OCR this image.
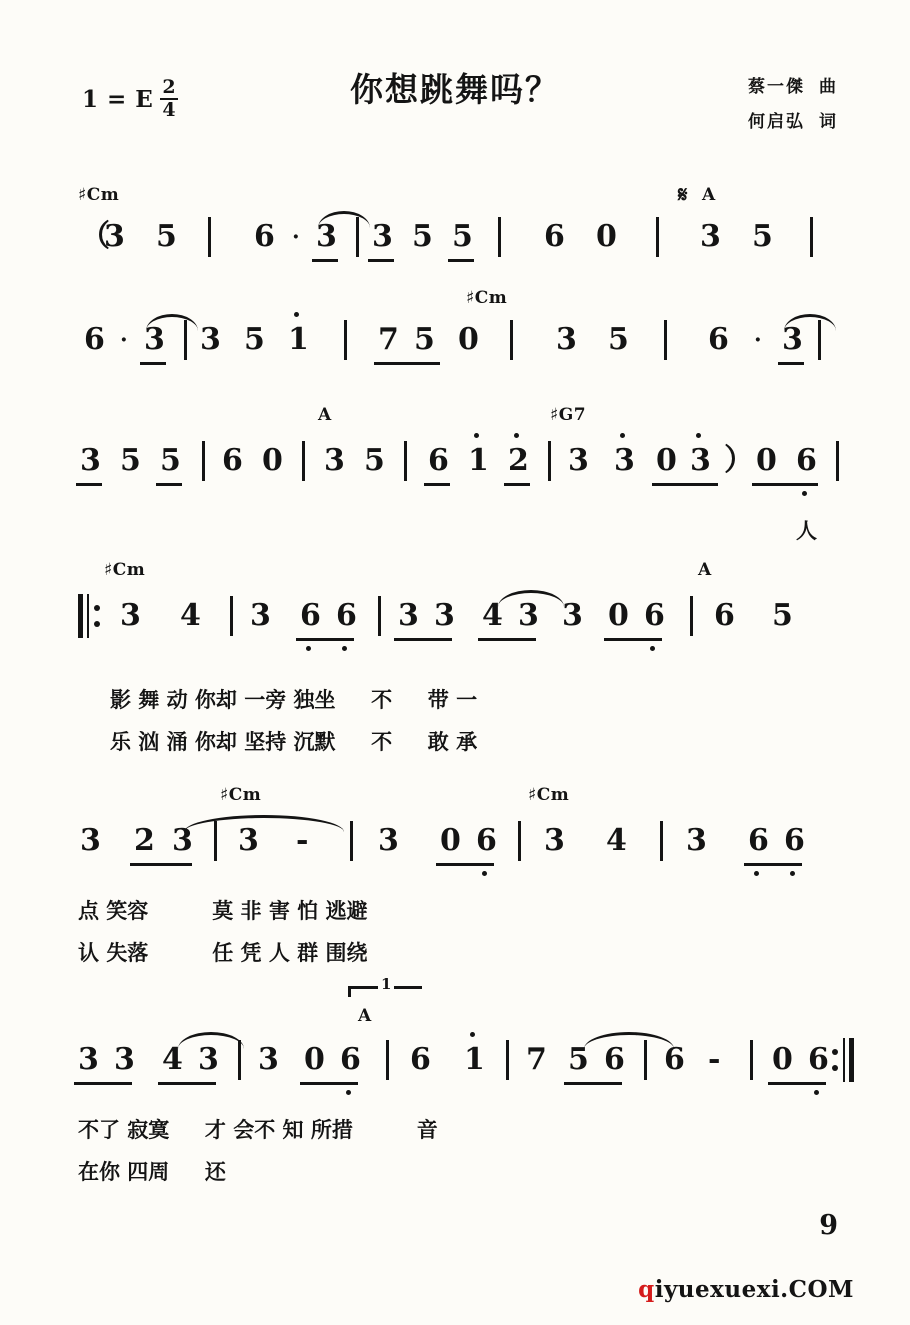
1 = E $\frac{2}{4}$	你想跳舞吗？	蔡一傑 曲
何启弘 词
♯Cm	𝄋 A
（
3 5	6 · 3 3 5 5 6 0	3 5
♯Cm
6 · 3 3 5 1 7 5 0	3 5	6 · 3
A	♯G7
3 5 5 6 0 3 5 6 1 2 3 3 0 3 ） 0 6
人
♯Cm	A
3 4 3 6 6 3 3 4 3 3 0 6 6 5
影 舞 动 你却 一旁 独坐 　 不 　 带 一
乐 汹 涌 你却 坚持 沉默 　 不 　 敢 承
♯Cm	♯Cm
3 2 3 3 - 3 0 6 3 4 3 6 6
点 笑容 　 　 莫 非 害 怕 逃避
认 失落 　 　 任 凭 人 群 围绕
1
A
3 3 4 3 3 0 6 6 1 7 5 6 6 - 0 6
不了 寂寞 　 才 会不 知 所措 　 　 音
在你 四周 　 还
9
qiyuexuexi.COM
